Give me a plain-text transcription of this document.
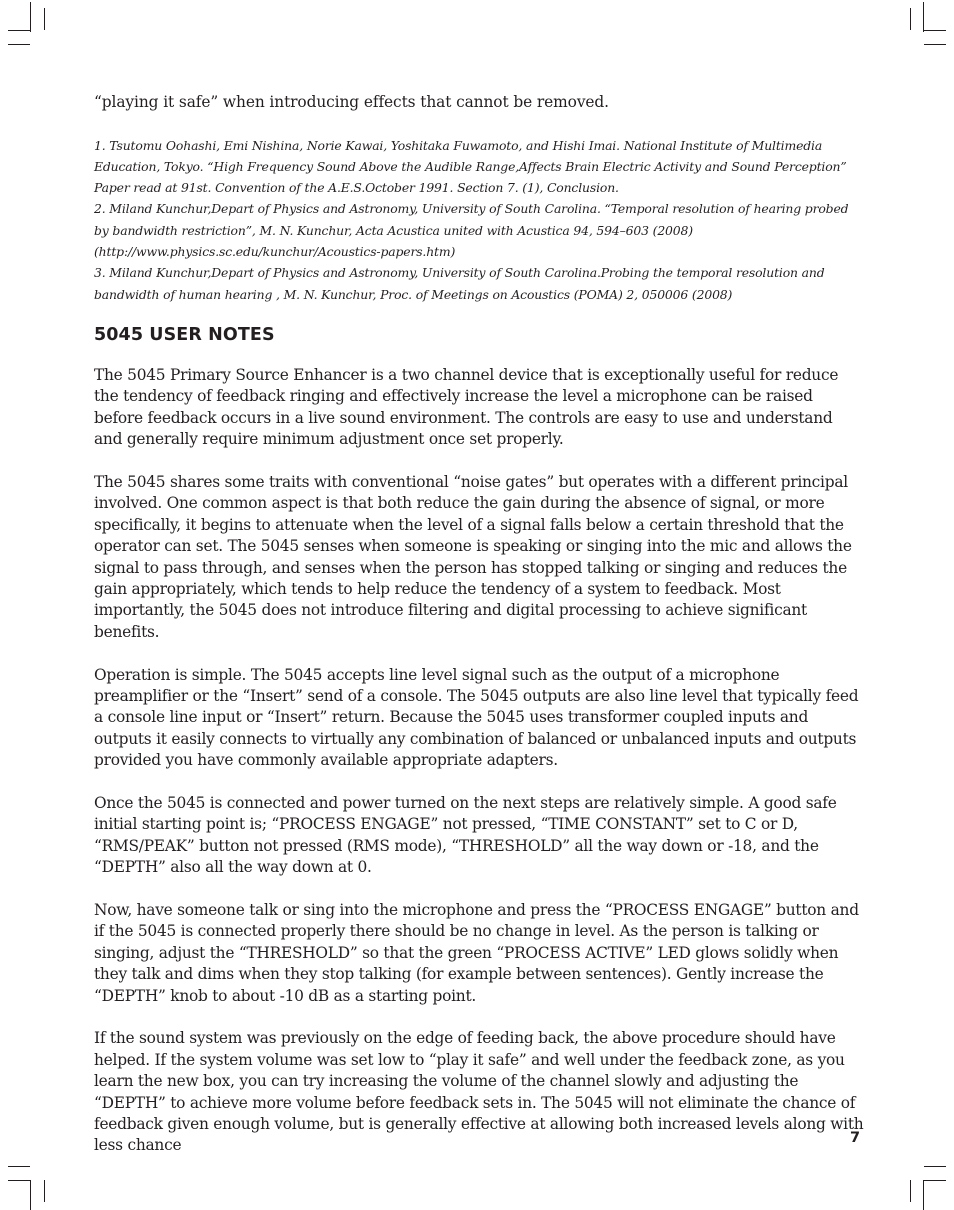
“playing it safe” when introducing effects that cannot be removed.

1. Tsutomu Oohashi, Emi Nishina, Norie Kawai, Yoshitaka Fuwamoto, and Hishi Imai. National Institute of Multimedia Education, Tokyo. “High Frequency Sound Above the Audible Range,Affects Brain Electric Activity and Sound Perception” Paper read at 91st. Convention of the A.E.S.October 1991. Section 7. (1), Conclusion.

2. Miland Kunchur,Depart of Physics and Astronomy, University of South Carolina. “Temporal resolution of hearing probed by bandwidth restriction”, M. N. Kunchur, Acta Acustica united with Acustica 94, 594–603 (2008) (http://www.physics.sc.edu/kunchur/Acoustics-papers.htm)

3. Miland Kunchur,Depart of Physics and Astronomy, University of South Carolina.Probing the temporal resolution and bandwidth of human hearing , M. N. Kunchur, Proc. of Meetings on Acoustics (POMA) 2, 050006 (2008)

5045 USER NOTES

The 5045 Primary Source Enhancer is a two channel device that is exceptionally useful for reduce the tendency of feedback ringing and effectively increase the level a microphone can be raised before feedback occurs in a live sound environment. The controls are easy to use and understand and generally require minimum adjustment once set properly.

The 5045 shares some traits with conventional “noise gates” but operates with a different principal involved. One common aspect is that both reduce the gain during the absence of signal, or more specifically, it begins to attenuate when the level of a signal falls below a certain threshold that the operator can set. The 5045 senses when someone is speaking or singing into the mic and allows the signal to pass through, and senses when the person has stopped talking or singing and reduces the gain appropriately, which tends to help reduce the tendency of a system to feedback. Most importantly, the 5045 does not introduce filtering and digital processing to achieve significant benefits.

Operation is simple. The 5045 accepts line level signal such as the output of a microphone preamplifier or the “Insert” send of a console. The 5045 outputs are also line level that typically feed a console line input or “Insert” return. Because the 5045 uses transformer coupled inputs and outputs it easily connects to virtually any combination of balanced or unbalanced inputs and outputs provided you have commonly available appropriate adapters.

Once the 5045 is connected and power turned on the next steps are relatively simple. A good safe initial starting point is; “PROCESS ENGAGE” not pressed, “TIME CONSTANT” set to C or D, “RMS/PEAK” button not pressed (RMS mode), “THRESHOLD” all the way down or -18, and the “DEPTH” also all the way down at 0.

Now, have someone talk or sing into the microphone and press the “PROCESS ENGAGE” button and if the 5045 is connected properly there should be no change in level. As the person is talking or singing, adjust the “THRESHOLD” so that the green “PROCESS ACTIVE” LED glows solidly when they talk and dims when they stop talking (for example between sentences). Gently increase the “DEPTH” knob to about -10 dB as a starting point.

If the sound system was previously on the edge of feeding back, the above procedure should have helped. If the system volume was set low to “play it safe” and well under the feedback zone, as you learn the new box, you can try increasing the volume of the channel slowly and adjusting the “DEPTH” to achieve more volume before feedback sets in. The 5045 will not eliminate the chance of feedback given enough volume, but is generally effective at allowing both increased levels along with less chance	7
